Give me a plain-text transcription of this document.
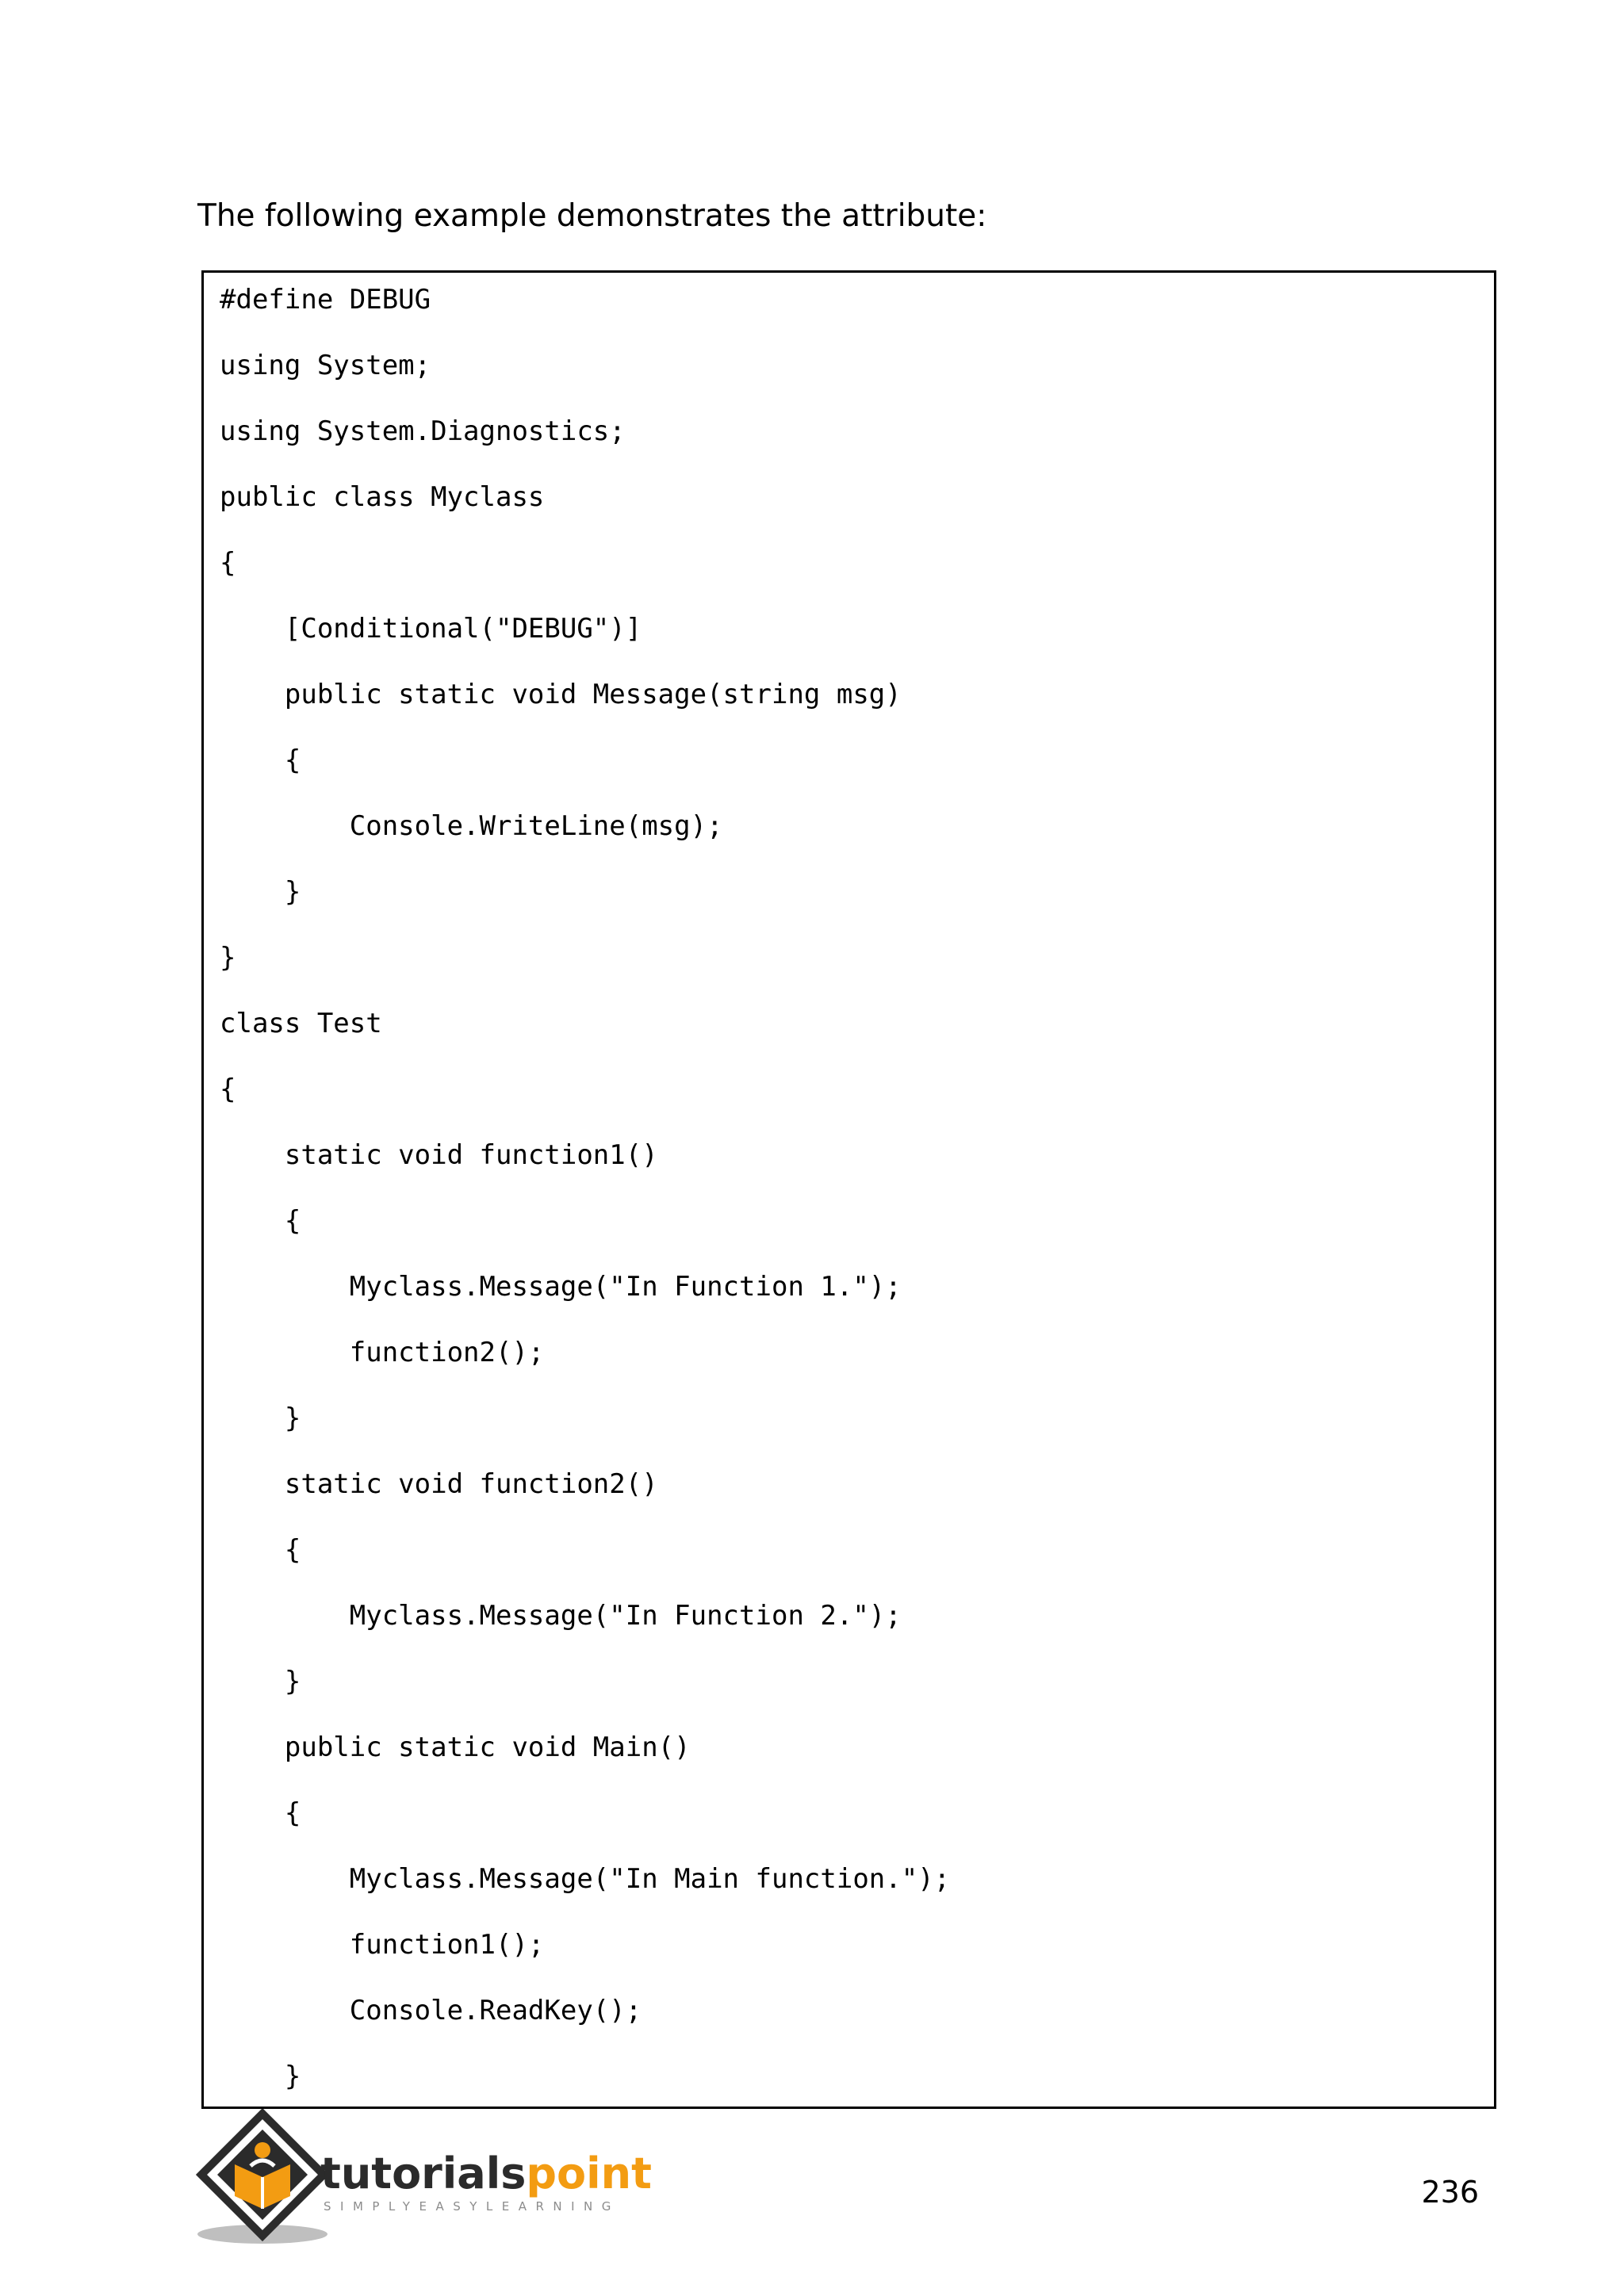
The following example demonstrates the attribute:
#define DEBUG
using System;
using System.Diagnostics;
public class Myclass
{
[Conditional("DEBUG")]
public static void Message(string msg)
{
Console.WriteLine(msg);
}
}
class Test
{
static void function1()
{
Myclass.Message("In Function 1.");
function2();
}
static void function2()
{
Myclass.Message("In Function 2.");
}
public static void Main()
{
Myclass.Message("In Main function.");
function1();
Console.ReadKey();
}
tutorialspoint
SIMPLYEASYLEARNING	236
